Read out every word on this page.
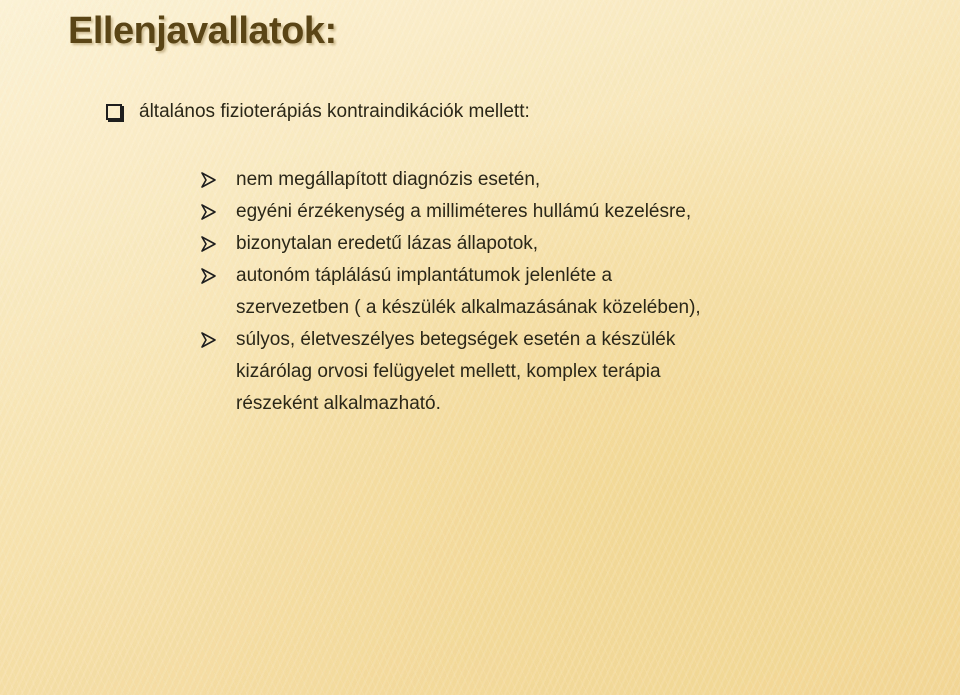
Ellenjavallatok:
általános fizioterápiás kontraindikációk mellett:
nem megállapított diagnózis esetén,
egyéni érzékenység a milliméteres hullámú kezelésre,
bizonytalan eredetű lázas állapotok,
autonóm táplálású implantátumok jelenléte a
szervezetben ( a készülék alkalmazásának közelében),
súlyos, életveszélyes betegségek esetén a készülék
kizárólag orvosi felügyelet mellett, komplex terápia
részeként alkalmazható.
